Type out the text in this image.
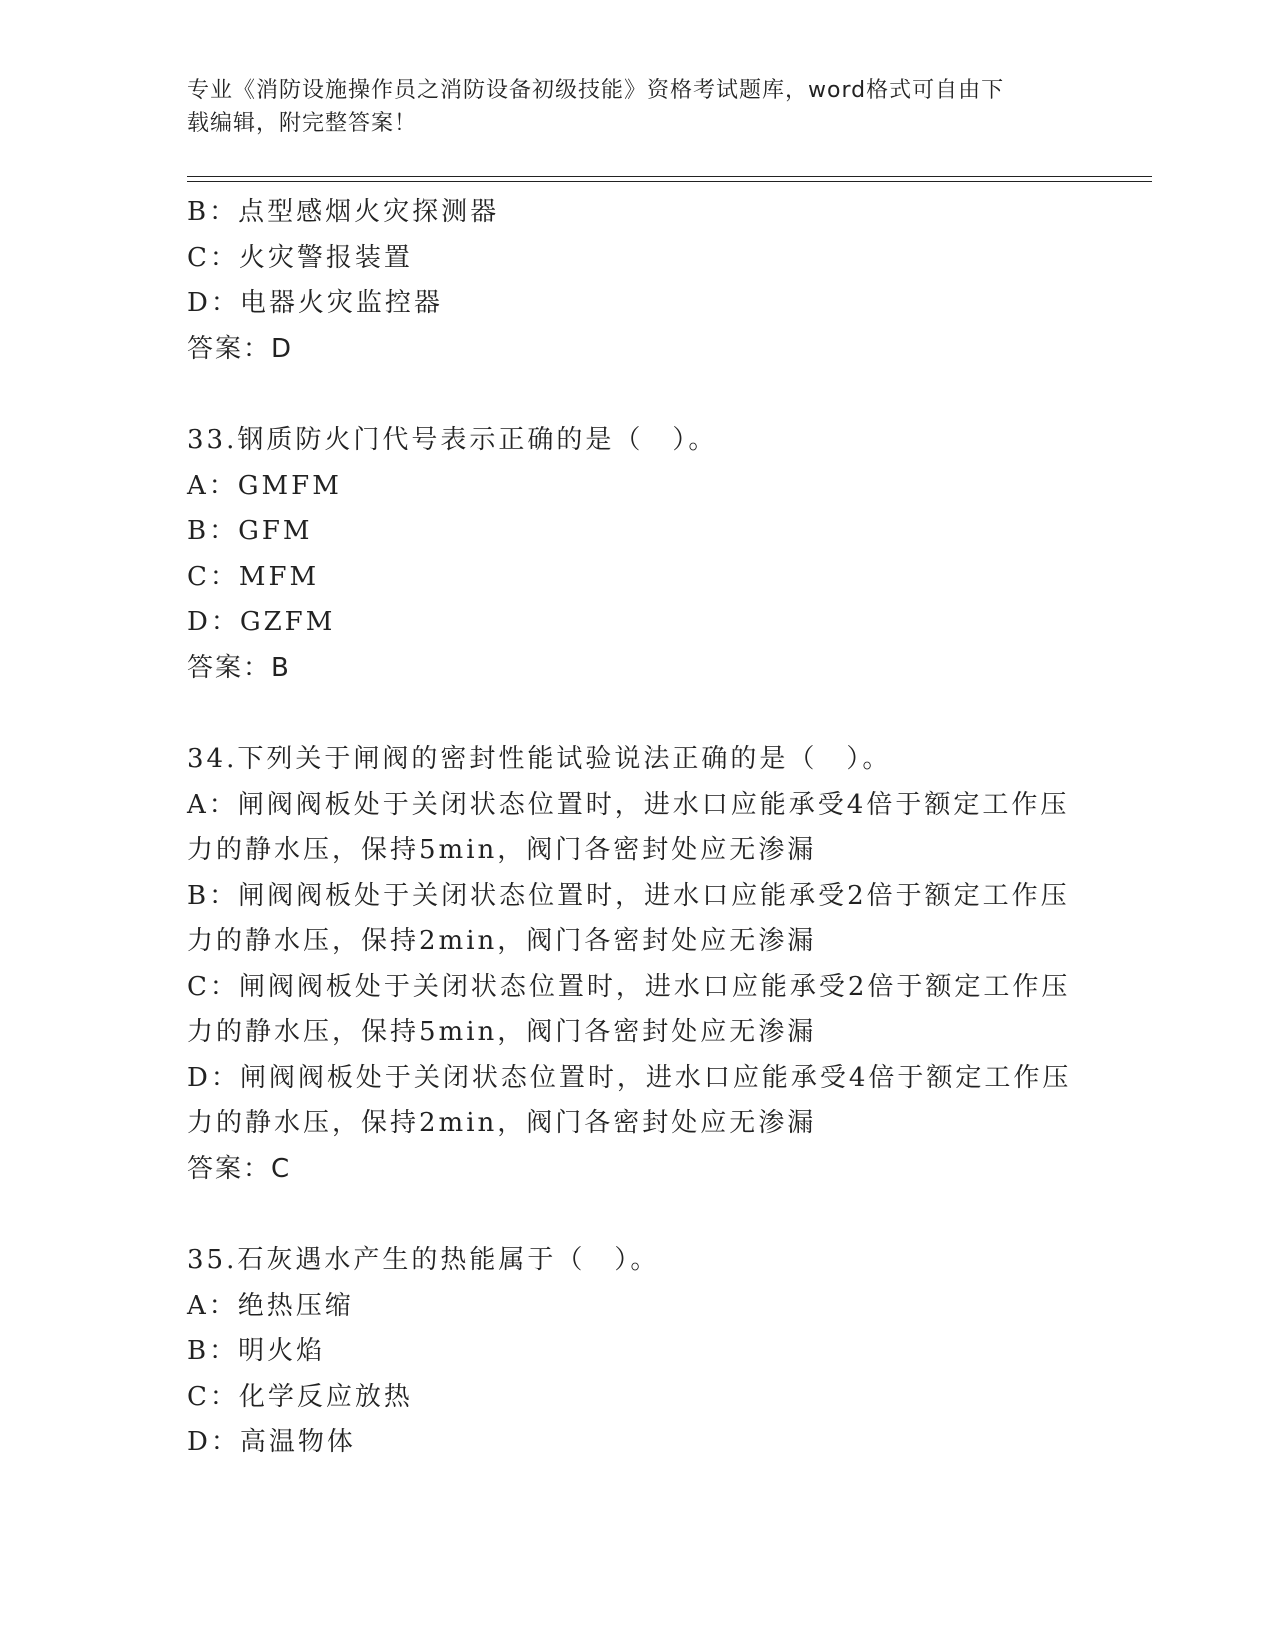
专业《消防设施操作员之消防设备初级技能》资格考试题库，word格式可自由下
载编辑，附完整答案！
B：点型感烟火灾探测器
C：火灾警报装置
D：电器火灾监控器
答案：D
33.钢质防火门代号表示正确的是（　）。
A：GMFM
B：GFM
C：MFM
D：GZFM
答案：B
34.下列关于闸阀的密封性能试验说法正确的是（　）。
A：闸阀阀板处于关闭状态位置时，进水口应能承受4倍于额定工作压
力的静水压，保持5min，阀门各密封处应无渗漏
B：闸阀阀板处于关闭状态位置时，进水口应能承受2倍于额定工作压
力的静水压，保持2min，阀门各密封处应无渗漏
C：闸阀阀板处于关闭状态位置时，进水口应能承受2倍于额定工作压
力的静水压，保持5min，阀门各密封处应无渗漏
D：闸阀阀板处于关闭状态位置时，进水口应能承受4倍于额定工作压
力的静水压，保持2min，阀门各密封处应无渗漏
答案：C
35.石灰遇水产生的热能属于（　）。
A：绝热压缩
B：明火焰
C：化学反应放热
D：高温物体
